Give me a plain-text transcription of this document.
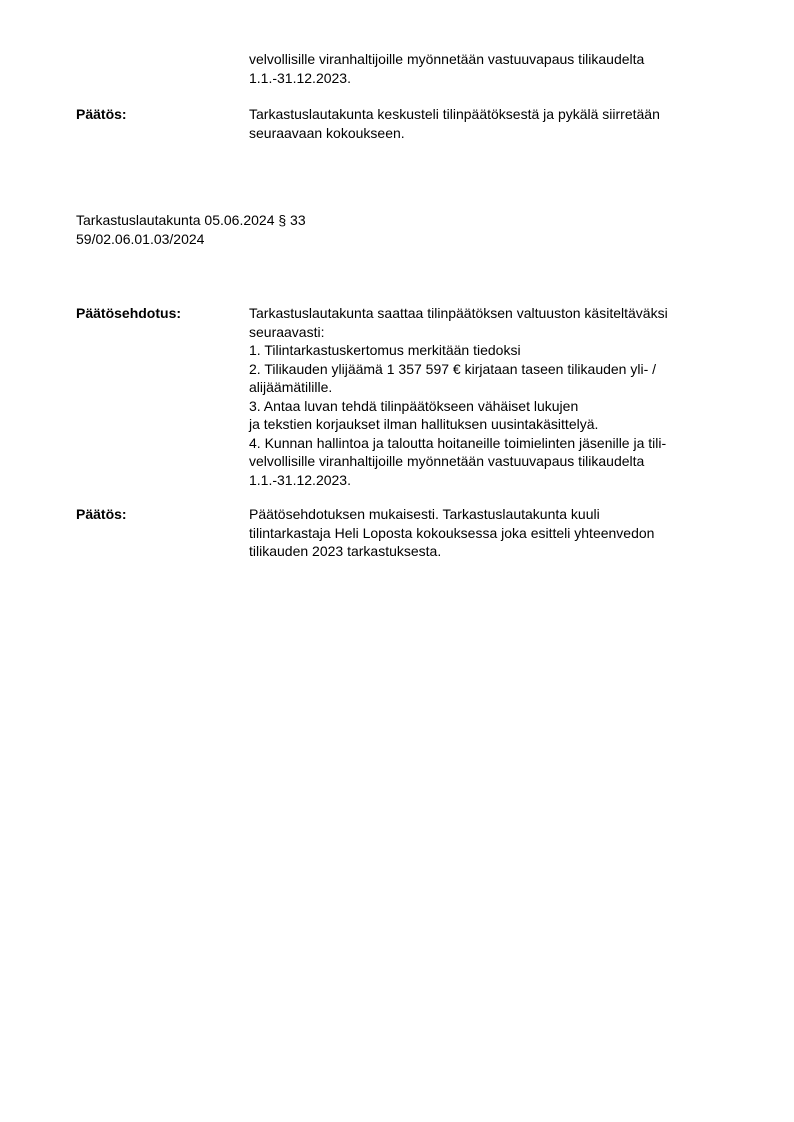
velvollisille viranhaltijoille myönnetään vastuuvapaus tilikaudelta
1.1.-31.12.2023.
Päätös:	Tarkastuslautakunta keskusteli tilinpäätöksestä ja pykälä siirretään
seuraavaan kokoukseen.
Tarkastuslautakunta 05.06.2024 § 33
59/02.06.01.03/2024
Päätösehdotus:	Tarkastuslautakunta saattaa tilinpäätöksen valtuuston käsiteltäväksi
seuraavasti:
1. Tilintarkastuskertomus merkitään tiedoksi
2. Tilikauden ylijäämä 1 357 597 € kirjataan taseen tilikauden yli- /
alijäämätilille.
3. Antaa luvan tehdä tilinpäätökseen vähäiset lukujen
ja tekstien korjaukset ilman hallituksen uusintakäsittelyä.
4. Kunnan hallintoa ja taloutta hoitaneille toimielinten jäsenille ja tili-
velvollisille viranhaltijoille myönnetään vastuuvapaus tilikaudelta
1.1.-31.12.2023.
Päätös:	Päätösehdotuksen mukaisesti. Tarkastuslautakunta kuuli
tilintarkastaja Heli Loposta kokouksessa joka esitteli yhteenvedon
tilikauden 2023 tarkastuksesta.
